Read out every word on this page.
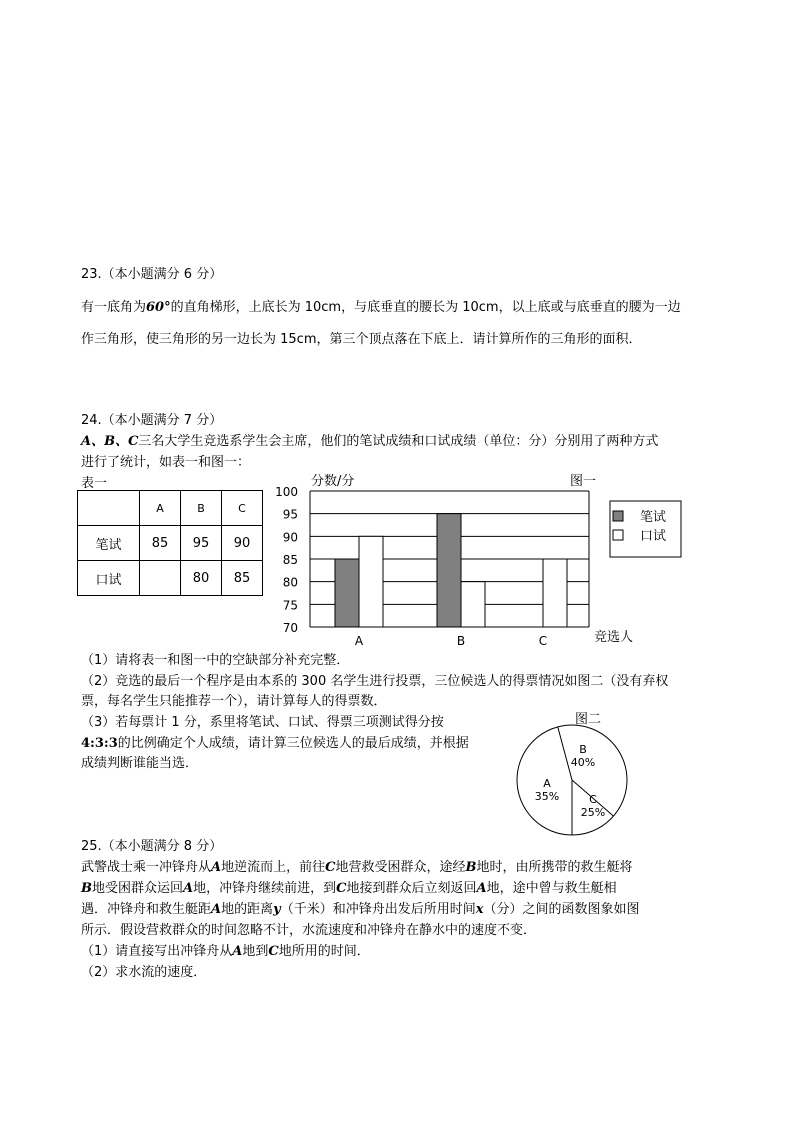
23.（本小题满分 6 分）
有一底角为60°的直角梯形，上底长为 10cm，与底垂直的腰长为 10cm，以上底或与底垂直的腰为一边
作三角形，使三角形的另一边长为 15cm，第三个顶点落在下底上．请计算所作的三角形的面积．
24.（本小题满分 7 分）
A、B、C三名大学生竞选系学生会主席，他们的笔试成绩和口试成绩（单位：分）分别用了两种方式
进行了统计，如表一和图一：
表一
	A	B	C
笔试	85	95	90
口试		80	85
分数/分	图一
100
95
90
85
80
75
70
A	B	C	竞选人
笔试
口试
（1）请将表一和图一中的空缺部分补充完整．
（2）竞选的最后一个程序是由本系的 300 名学生进行投票，三位候选人的得票情况如图二（没有弃权
票，每名学生只能推荐一个），请计算每人的得票数．
（3）若每票计 1 分，系里将笔试、口试、得票三项测试得分按
4:3:3的比例确定个人成绩，请计算三位候选人的最后成绩，并根据
成绩判断谁能当选．
图二
B
40%
C
25%
A
35%
25.（本小题满分 8 分）
武警战士乘一冲锋舟从A地逆流而上，前往C地营救受困群众，途经B地时，由所携带的救生艇将
B地受困群众运回A地，冲锋舟继续前进，到C地接到群众后立刻返回A地，途中曾与救生艇相
遇．冲锋舟和救生艇距A地的距离y（千米）和冲锋舟出发后所用时间x（分）之间的函数图象如图
所示．假设营救群众的时间忽略不计，水流速度和冲锋舟在静水中的速度不变．
（1）请直接写出冲锋舟从A地到C地所用的时间．
（2）求水流的速度．
